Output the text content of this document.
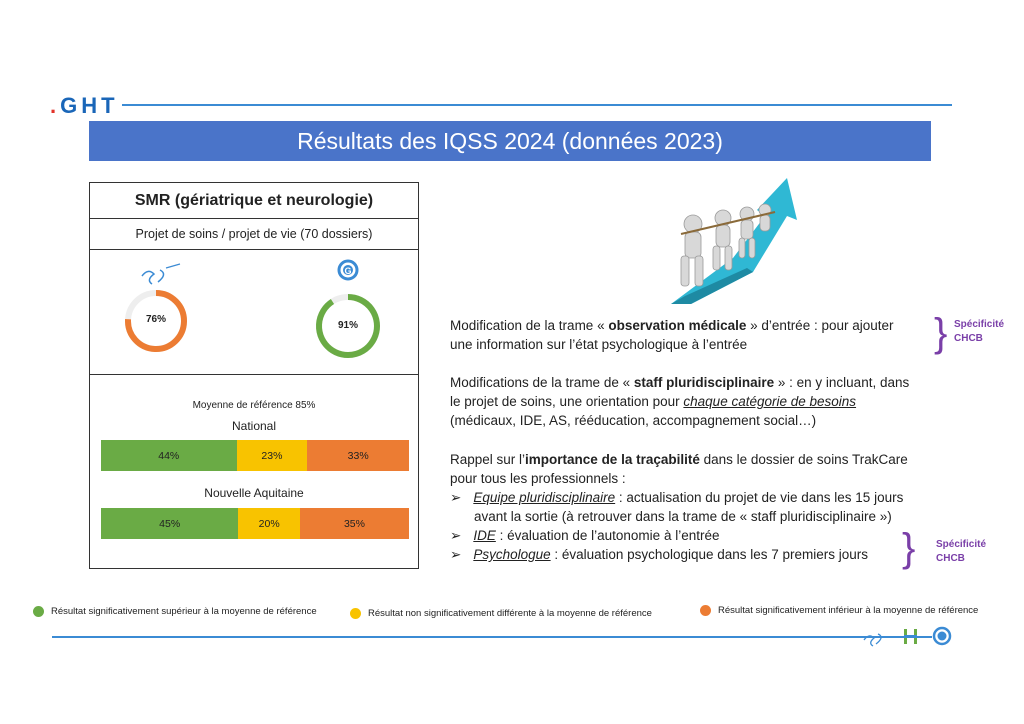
.GHT
Résultats des IQSS 2024 (données 2023)
SMR (gériatrique et neurologie)
Projet de soins / projet de vie (70 dossiers)
G
76%
91%
Moyenne de référence 85%
National
44%	23%	33%
Nouvelle Aquitaine
45%	20%	35%
Modification de la trame « observation médicale » d’entrée : pour ajouter
une information sur l’état psychologique à l’entrée	} Spécificité
CHCB
Modifications de la trame de « staff pluridisciplinaire » : en y incluant, dans
le projet de soins, une orientation pour chaque catégorie de besoins
(médicaux, IDE, AS, rééducation, accompagnement social…)
Rappel sur l’importance de la traçabilité dans le dossier de soins TrakCare
pour tous les professionnels :
➢ Equipe pluridisciplinaire : actualisation du projet de vie dans les 15 jours
avant la sortie (à retrouver dans la trame de « staff pluridisciplinaire »)
➢ IDE : évaluation de l’autonomie à l’entrée
➢ Psychologue : évaluation psychologique dans les 7 premiers jours } Spécificité
CHCB
Résultat significativement supérieur à la moyenne de référence	Résultat non significativement différente à la moyenne de référence	Résultat significativement inférieur à la moyenne de référence
